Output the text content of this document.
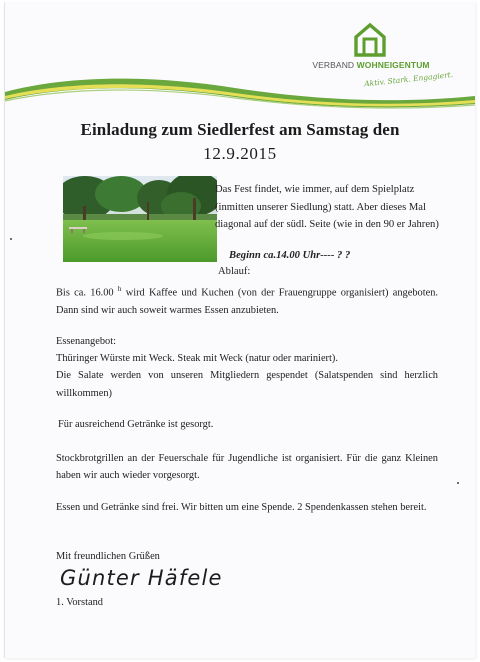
VERBAND WOHNEIGENTUM
Aktiv. Stark. Engagiert.
Einladung zum Siedlerfest am Samstag den
12.9.2015
Das Fest findet, wie immer, auf dem Spielplatz (inmitten unserer Siedlung) statt. Aber dieses Mal diagonal auf der südl. Seite (wie in den 90 er Jahren)
Beginn ca.14.00 Uhr---- ? ?
Ablauf:
Bis ca. 16.00 $^h$ wird Kaffee und Kuchen (von der Frauengruppe organisiert) angeboten. Dann sind wir auch soweit warmes Essen anzubieten.
Essenangebot:
Thüringer Würste mit Weck. Steak mit Weck (natur oder mariniert).
Die Salate werden von unseren Mitgliedern gespendet (Salatspenden sind herzlich willkommen)
Für ausreichend Getränke ist gesorgt.
Stockbrotgrillen an der Feuerschale für Jugendliche ist organisiert. Für die ganz Kleinen haben wir auch wieder vorgesorgt.
Essen und Getränke sind frei. Wir bitten um eine Spende. 2 Spendenkassen stehen bereit.
Mit freundlichen Grüßen
Günter Häfele
1. Vorstand
